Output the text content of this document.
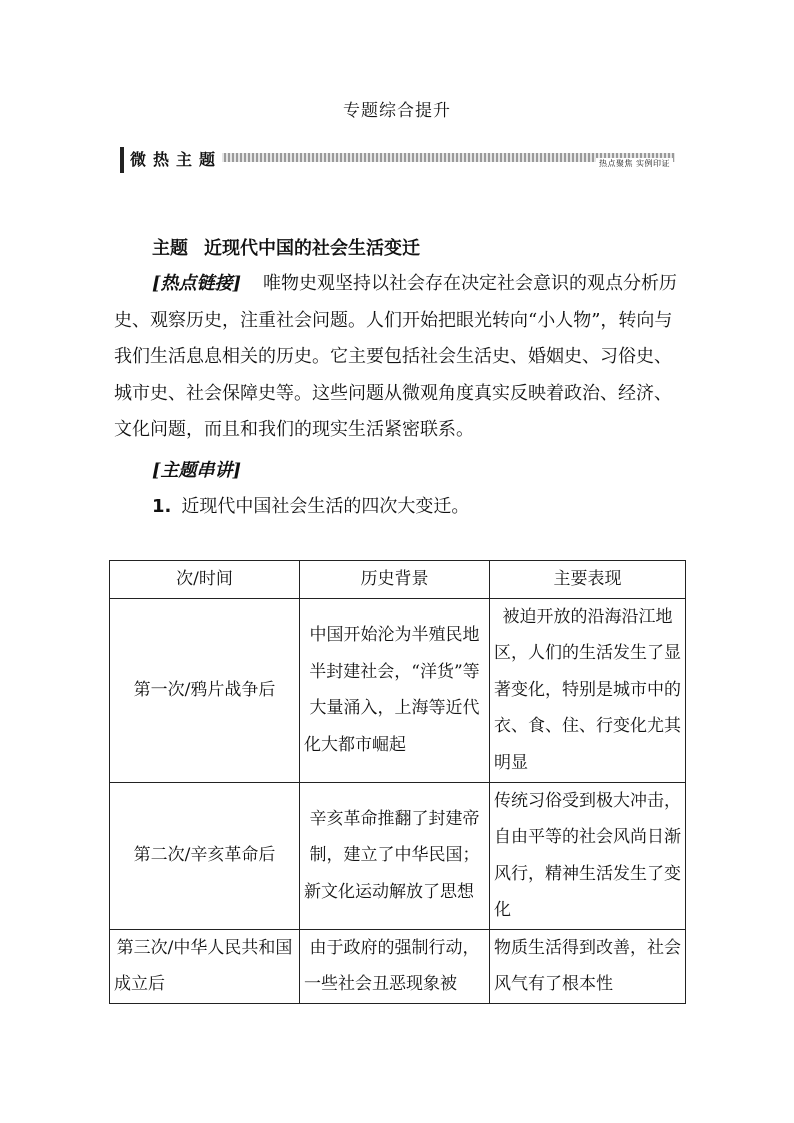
专题综合提升
微热主题	热点聚焦 实例印证
主题 近现代中国的社会生活变迁
[热点链接] 唯物史观坚持以社会存在决定社会意识的观点分析历史、观察历史，注重社会问题。人们开始把眼光转向“小人物”，转向与我们生活息息相关的历史。它主要包括社会生活史、婚姻史、习俗史、城市史、社会保障史等。这些问题从微观角度真实反映着政治、经济、文化问题，而且和我们的现实生活紧密联系。
[主题串讲]
1. 近现代中国社会生活的四次大变迁。
次/时间	历史背景	主要表现
第一次/鸦片战争后	中国开始沦为半殖民地半封建社会，“洋货”等大量涌入，上海等近代化大都市崛起	被迫开放的沿海沿江地区，人们的生活发生了显著变化，特别是城市中的衣、食、住、行变化尤其明显
第二次/辛亥革命后	辛亥革命推翻了封建帝制，建立了中华民国；新文化运动解放了思想	传统习俗受到极大冲击，自由平等的社会风尚日渐风行，精神生活发生了变化
第三次/中华人民共和国成立后	由于政府的强制行动，一些社会丑恶现象被	物质生活得到改善，社会风气有了根本性
